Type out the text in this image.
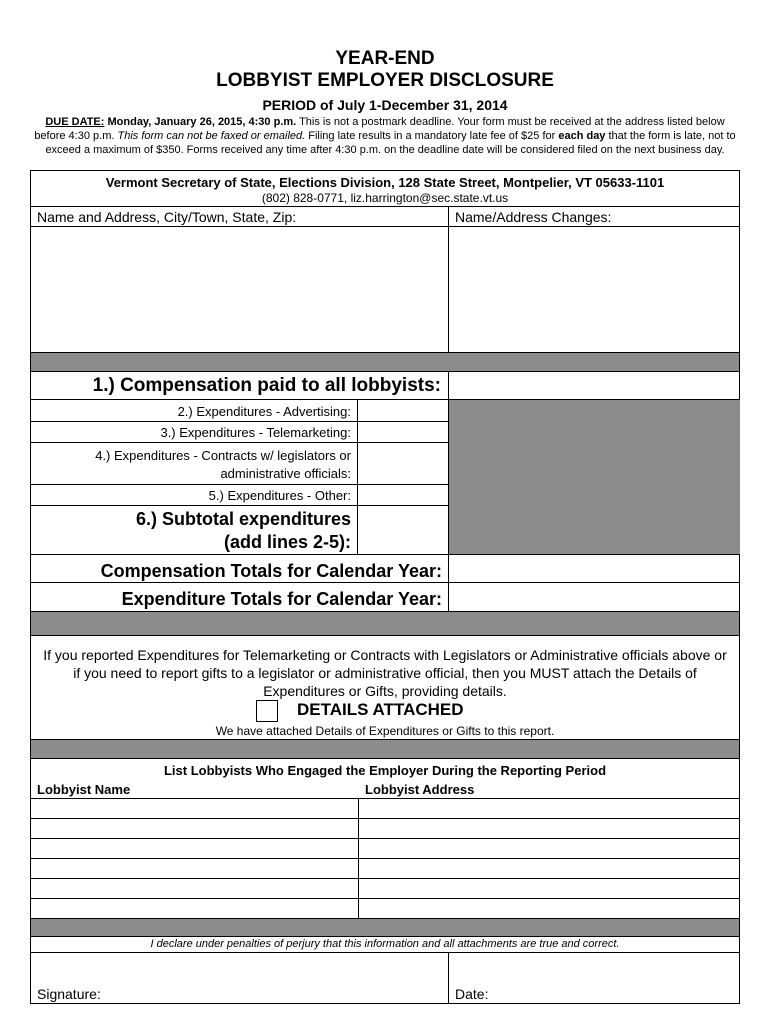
YEAR-END
LOBBYIST EMPLOYER DISCLOSURE
PERIOD of July 1-December 31, 2014
DUE DATE: Monday, January 26, 2015, 4:30 p.m. This is not a postmark deadline. Your form must be received at the address listed below before 4:30 p.m. This form can not be faxed or emailed. Filing late results in a mandatory late fee of $25 for each day that the form is late, not to exceed a maximum of $350. Forms received any time after 4:30 p.m. on the deadline date will be considered filed on the next business day.
Vermont Secretary of State, Elections Division, 128 State Street, Montpelier, VT 05633-1101
(802) 828-0771, liz.harrington@sec.state.vt.us
Name and Address, City/Town, State, Zip:	Name/Address Changes:
1.) Compensation paid to all lobbyists:
2.) Expenditures - Advertising:
3.) Expenditures - Telemarketing:
4.) Expenditures - Contracts w/ legislators or
administrative officials:
5.) Expenditures - Other:
6.) Subtotal expenditures
(add lines 2-5):
Compensation Totals for Calendar Year:
Expenditure Totals for Calendar Year:
If you reported Expenditures for Telemarketing or Contracts with Legislators or Administrative officials above or if you need to report gifts to a legislator or administrative official, then you MUST attach the Details of Expenditures or Gifts, providing details.
DETAILS ATTACHED
We have attached Details of Expenditures or Gifts to this report.
List Lobbyists Who Engaged the Employer During the Reporting Period
Lobbyist Name	Lobbyist Address
I declare under penalties of perjury that this information and all attachments are true and correct.
Signature:	Date:
